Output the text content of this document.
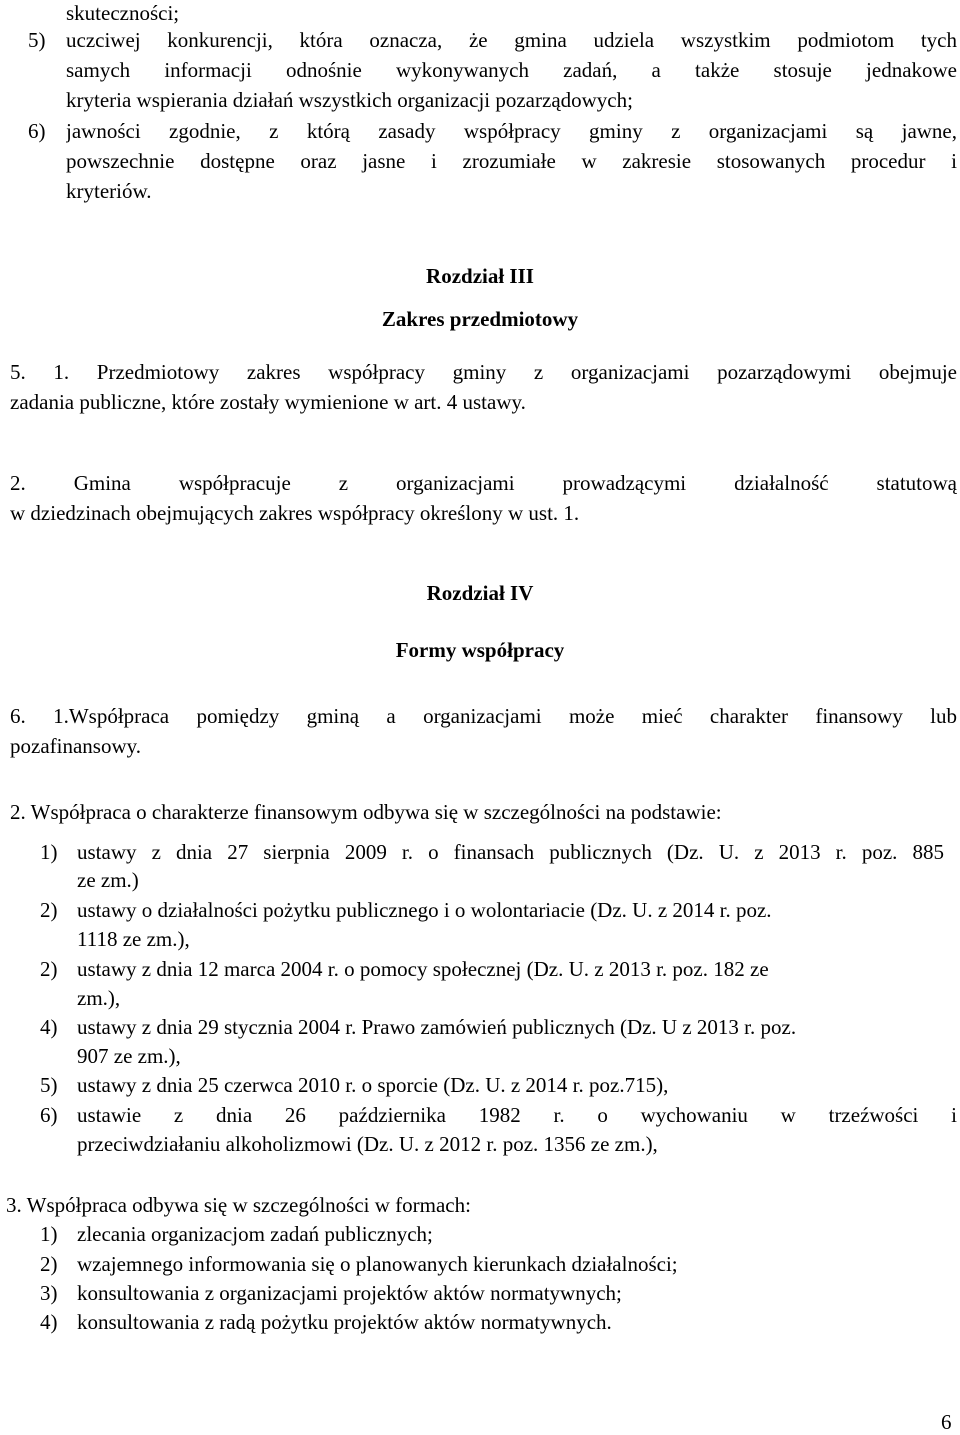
skuteczności;
5) uczciwej konkurencji, która oznacza, że gmina udziela wszystkim podmiotom tych
samych informacji odnośnie wykonywanych zadań, a także stosuje jednakowe
kryteria wspierania działań wszystkich organizacji pozarządowych;
6) jawności zgodnie, z którą zasady współpracy gminy z organizacjami są jawne,
powszechnie dostępne oraz jasne i zrozumiałe w zakresie stosowanych procedur i
kryteriów.
Rozdział III
Zakres przedmiotowy
5. 1. Przedmiotowy zakres współpracy gminy z organizacjami pozarządowymi obejmuje
zadania publiczne, które zostały wymienione w art. 4 ustawy.
2. Gmina współpracuje z organizacjami prowadzącymi działalność statutową
w dziedzinach obejmujących zakres współpracy określony w ust. 1.
Rozdział IV
Formy współpracy
6. 1.Współpraca pomiędzy gminą a organizacjami może mieć charakter finansowy lub
pozafinansowy.
2. Współpraca o charakterze finansowym odbywa się w szczególności na podstawie:
1) ustawy z dnia 27 sierpnia 2009 r. o finansach publicznych (Dz. U. z 2013 r. poz. 885
ze zm.)
2) ustawy o działalności pożytku publicznego i o wolontariacie (Dz. U. z 2014 r. poz.
1118 ze zm.),
2) ustawy z dnia 12 marca 2004 r. o pomocy społecznej (Dz. U. z 2013 r. poz. 182 ze
zm.),
4) ustawy z dnia 29 stycznia 2004 r. Prawo zamówień publicznych (Dz. U z 2013 r. poz.
907 ze zm.),
5) ustawy z dnia 25 czerwca 2010 r. o sporcie (Dz. U. z 2014 r. poz.715),
6) ustawie z dnia 26 października 1982 r. o wychowaniu w trzeźwości i
przeciwdziałaniu alkoholizmowi (Dz. U. z 2012 r. poz. 1356 ze zm.),
3. Współpraca odbywa się w szczególności w formach:
1) zlecania organizacjom zadań publicznych;
2) wzajemnego informowania się o planowanych kierunkach działalności;
3) konsultowania z organizacjami projektów aktów normatywnych;
4) konsultowania z radą pożytku projektów aktów normatywnych.
6
